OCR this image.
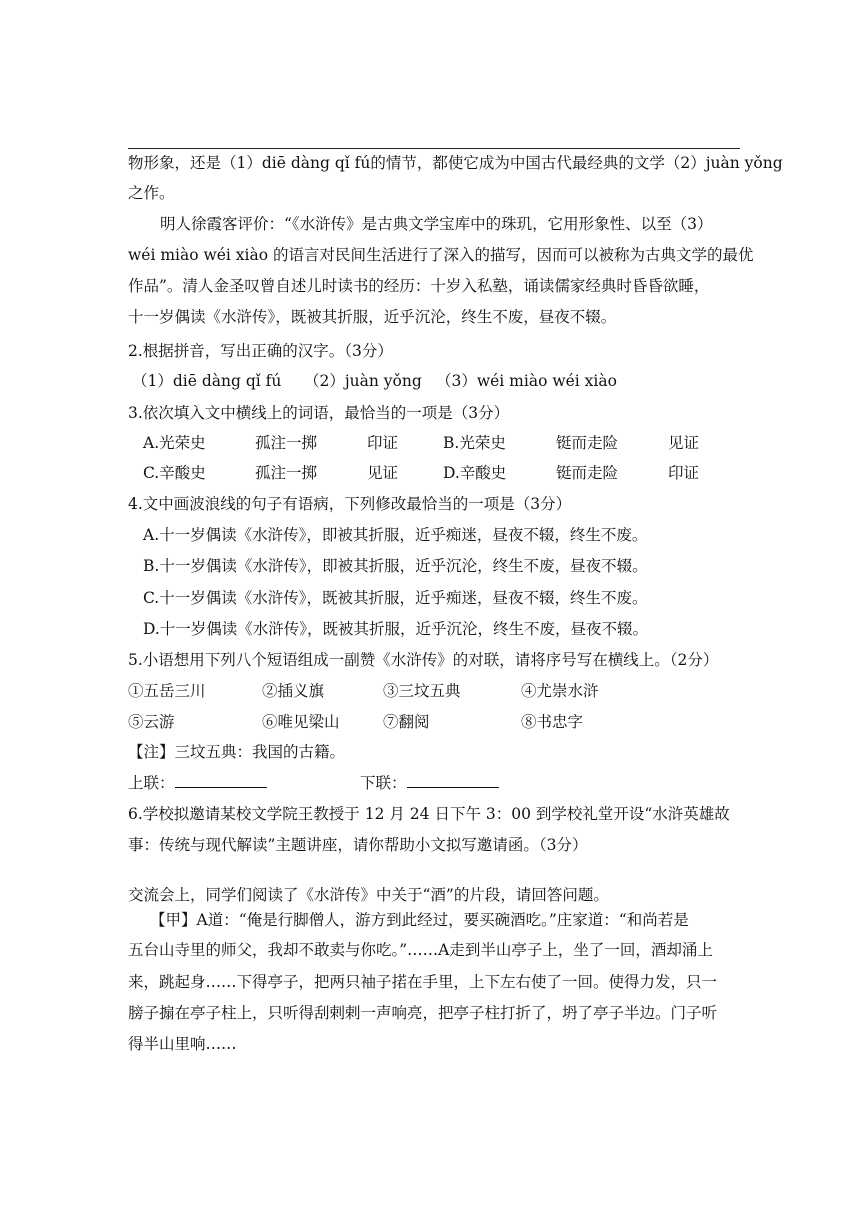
物形象，还是（1）diē dàng qǐ fú的情节，都使它成为中国古代最经典的文学（2）juàn yǒng
之作。
明人徐霞客评价：“《水浒传》是古典文学宝库中的珠玑，它用形象性、以至（3）
wéi miào wéi xiào 的语言对民间生活进行了深入的描写，因而可以被称为古典文学的最优
作品”。清人金圣叹曾自述儿时读书的经历：十岁入私塾，诵读儒家经典时昏昏欲睡，
十一岁偶读《水浒传》，既被其折服，近乎沉沦，终生不废，昼夜不辍。
2.根据拼音，写出正确的汉字。（3分）
（1）diē dàng qǐ fú （2）juàn yǒng （3）wéi miào wéi xiào
3.依次填入文中横线上的词语，最恰当的一项是（3分）
A.光荣史	孤注一掷	印证	B.光荣史	铤而走险	见证
C.辛酸史	孤注一掷	见证	D.辛酸史	铤而走险	印证
4.文中画波浪线的句子有语病，下列修改最恰当的一项是（3分）
A.十一岁偶读《水浒传》，即被其折服，近乎痴迷，昼夜不辍，终生不废。
B.十一岁偶读《水浒传》，即被其折服，近乎沉沦，终生不废，昼夜不辍。
C.十一岁偶读《水浒传》，既被其折服，近乎痴迷，昼夜不辍，终生不废。
D.十一岁偶读《水浒传》，既被其折服，近乎沉沦，终生不废，昼夜不辍。
5.小语想用下列八个短语组成一副赞《水浒传》的对联，请将序号写在横线上。（2分）
①五岳三川	②插义旗	③三坟五典	④尤崇水浒
⑤云游	⑥唯见梁山	⑦翻阅	⑧书忠字
【注】三坟五典：我国的古籍。
上联：	下联：
6.学校拟邀请某校文学院王教授于 12 月 24 日下午 3：00 到学校礼堂开设“水浒英雄故
事：传统与现代解读”主题讲座，请你帮助小文拟写邀请函。（3分）
交流会上，同学们阅读了《水浒传》中关于“酒”的片段，请回答问题。
【甲】A道：“俺是行脚僧人，游方到此经过，要买碗酒吃。”庄家道：“和尚若是
五台山寺里的师父，我却不敢卖与你吃。”……A走到半山亭子上，坐了一回，酒却涌上
来，跳起身……下得亭子，把两只袖子掿在手里，上下左右使了一回。使得力发，只一
膀子搧在亭子柱上，只听得刮剌剌一声响亮，把亭子柱打折了，坍了亭子半边。门子听
得半山里响……
